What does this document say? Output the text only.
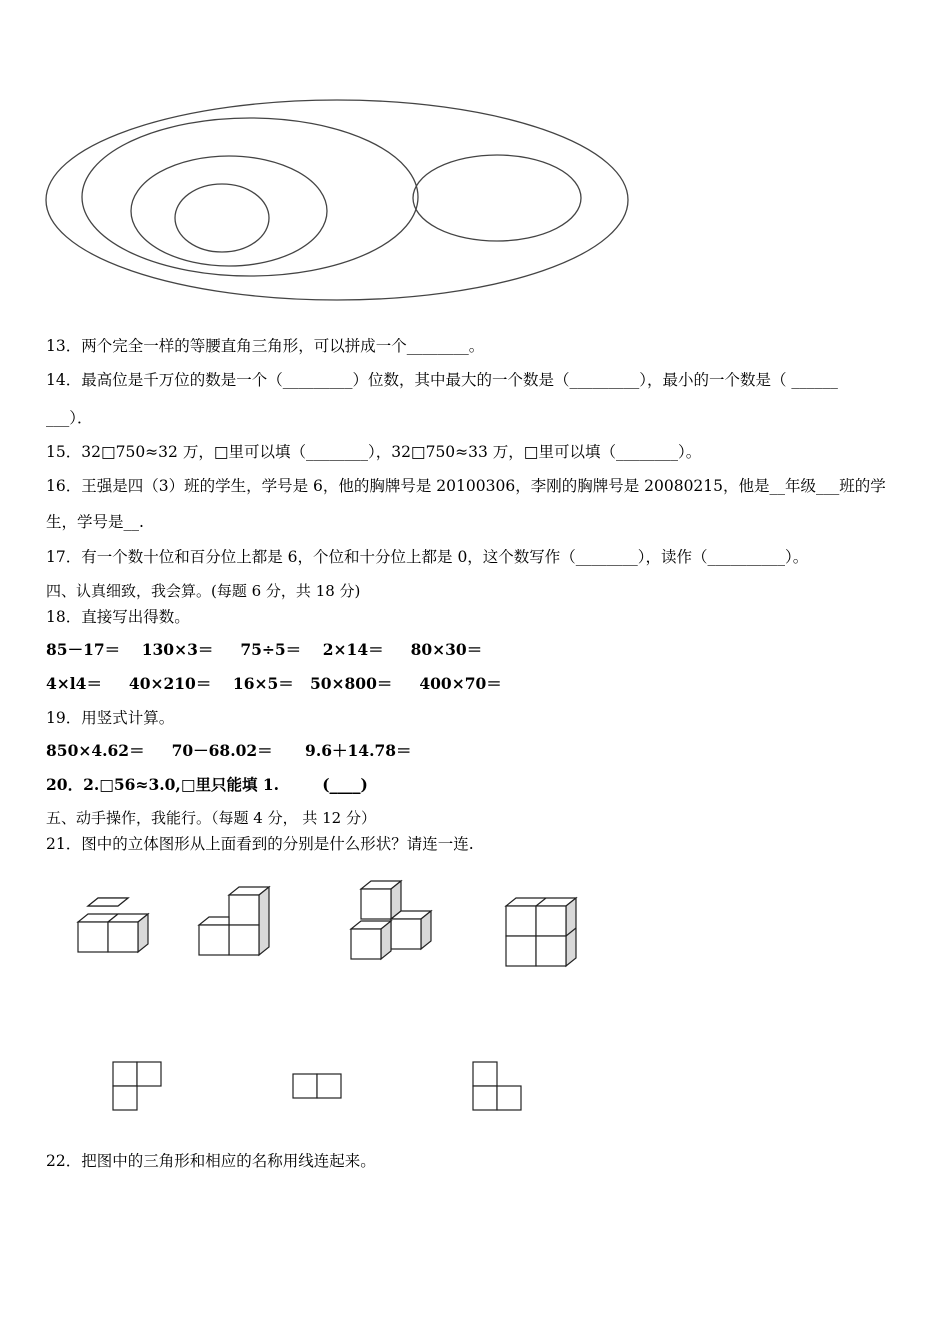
13．两个完全一样的等腰直角三角形，可以拼成一个________。
14．最高位是千万位的数是一个（_________）位数，其中最大的一个数是（_________），最小的一个数是（ ______
___）．
15．32□750≈32 万，□里可以填（________），32□750≈33 万，□里可以填（________）。
16．王强是四（3）班的学生，学号是 6，他的胸牌号是 20100306，李刚的胸牌号是 20080215，他是__年级___班的学
生，学号是__.
17．有一个数十位和百分位上都是 6，个位和十分位上都是 0，这个数写作（________），读作（__________）。
四、认真细致，我会算。(每题 6 分，共 18 分)
18．直接写出得数。
85－17＝    130×3＝     75÷5＝    2×14＝     80×30＝
4×l4＝     40×210＝    16×5＝   50×800＝     400×70＝
19．用竖式计算。
850×4.62＝     70－68.02＝      9.6＋14.78＝
20．2.□56≈3.0,□里只能填 1.        (____)
五、动手操作，我能行。（每题 4 分， 共 12 分）
21．图中的立体图形从上面看到的分别是什么形状？请连一连.
22．把图中的三角形和相应的名称用线连起来。
